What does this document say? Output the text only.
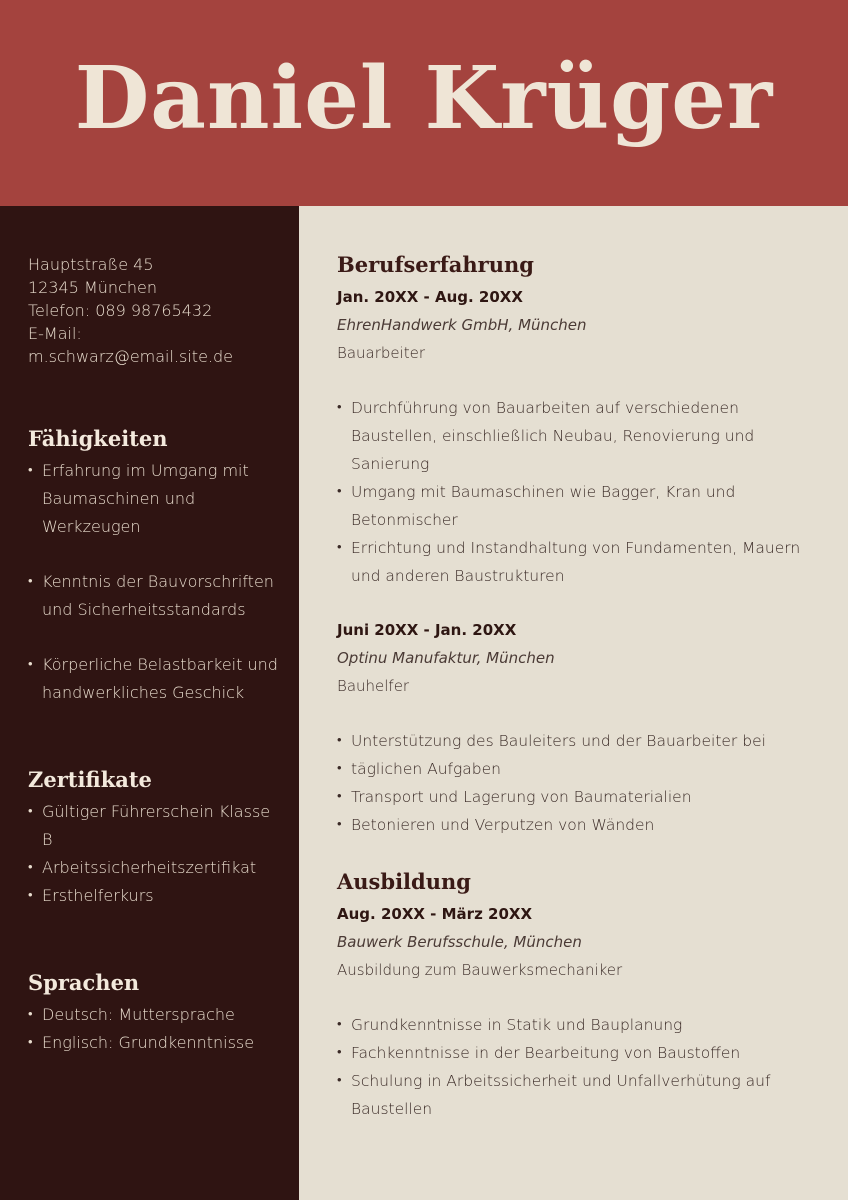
Daniel Krüger
Hauptstraße 45
12345 München
Telefon: 089 98765432
E-Mail: m.schwarz@email.site.de
Fähigkeiten
• Erfahrung im Umgang mit Baumaschinen und Werkzeugen
• Kenntnis der Bauvorschriften und Sicherheitsstandards
• Körperliche Belastbarkeit und handwerkliches Geschick
Zertifikate
• Gültiger Führerschein Klasse B
• Arbeitssicherheitszertifikat
• Ersthelferkurs
Sprachen
• Deutsch: Muttersprache
• Englisch: Grundkenntnisse
Berufserfahrung
Jan. 20XX - Aug. 20XX
EhrenHandwerk GmbH, München
Bauarbeiter
• Durchführung von Bauarbeiten auf verschiedenen Baustellen, einschließlich Neubau, Renovierung und Sanierung
• Umgang mit Baumaschinen wie Bagger, Kran und Betonmischer
• Errichtung und Instandhaltung von Fundamenten, Mauern und anderen Baustrukturen
Juni 20XX - Jan. 20XX
Optinu Manufaktur, München
Bauhelfer
• Unterstützung des Bauleiters und der Bauarbeiter bei
• täglichen Aufgaben
• Transport und Lagerung von Baumaterialien
• Betonieren und Verputzen von Wänden
Ausbildung
Aug. 20XX - März 20XX
Bauwerk Berufsschule, München
Ausbildung zum Bauwerksmechaniker
• Grundkenntnisse in Statik und Bauplanung
• Fachkenntnisse in der Bearbeitung von Baustoffen
• Schulung in Arbeitssicherheit und Unfallverhütung auf Baustellen
